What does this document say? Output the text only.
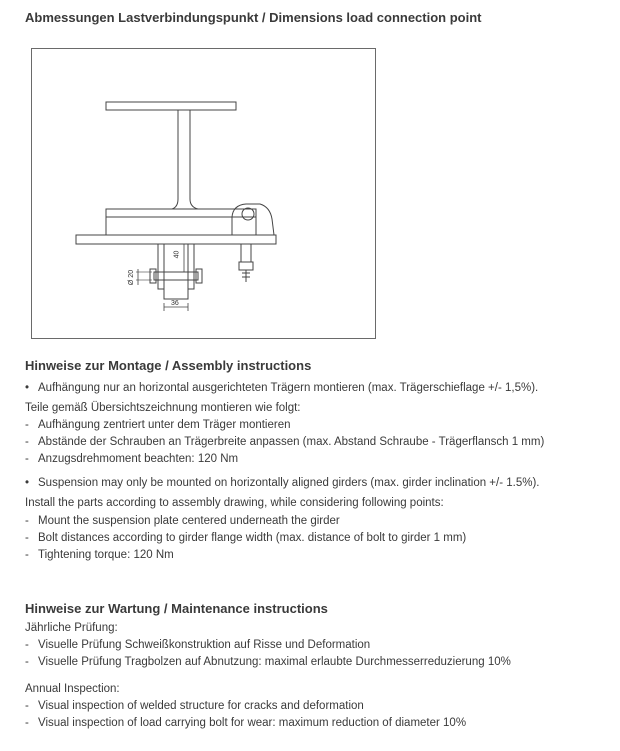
Abmessungen Lastverbindungspunkt / Dimensions load connection point
36
40
Ø 20
Hinweise zur Montage / Assembly instructions
• Aufhängung nur an horizontal ausgerichteten Trägern montieren (max. Trägerschieflage +/- 1,5%).
Teile gemäß Übersichtszeichnung montieren wie folgt:
- Aufhängung zentriert unter dem Träger montieren
- Abstände der Schrauben an Trägerbreite anpassen (max. Abstand Schraube - Trägerflansch 1 mm)
- Anzugsdrehmoment beachten: 120 Nm
• Suspension may only be mounted on horizontally aligned girders (max. girder inclination +/- 1.5%).
Install the parts according to assembly drawing, while considering following points:
- Mount the suspension plate centered underneath the girder
- Bolt distances according to girder flange width (max. distance of bolt to girder 1 mm)
- Tightening torque: 120 Nm
Hinweise zur Wartung / Maintenance instructions
Jährliche Prüfung:
- Visuelle Prüfung Schweißkonstruktion auf Risse und Deformation
- Visuelle Prüfung Tragbolzen auf Abnutzung: maximal erlaubte Durchmesserreduzierung 10%
Annual Inspection:
- Visual inspection of welded structure for cracks and deformation
- Visual inspection of load carrying bolt for wear: maximum reduction of diameter 10%
